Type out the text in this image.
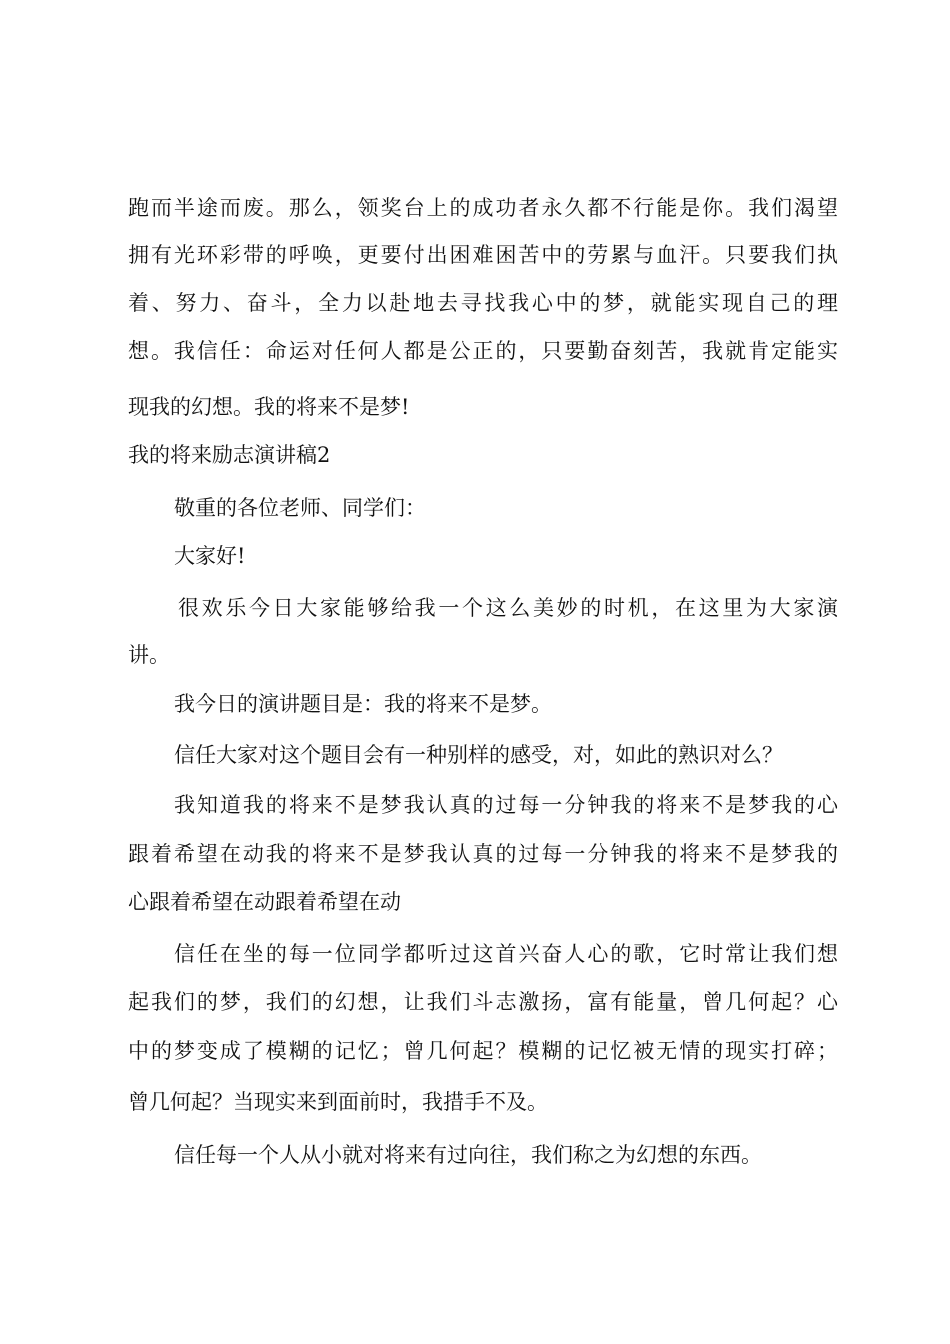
跑而半途而废。那么，领奖台上的成功者永久都不行能是你。我们渴望
拥有光环彩带的呼唤，更要付出困难困苦中的劳累与血汗。只要我们执
着、努力、奋斗，全力以赴地去寻找我心中的梦，就能实现自己的理
想。我信任：命运对任何人都是公正的，只要勤奋刻苦，我就肯定能实
现我的幻想。我的将来不是梦!
我的将来励志演讲稿2
敬重的各位老师、同学们：
大家好!
很欢乐今日大家能够给我一个这么美妙的时机，在这里为大家演
讲。
我今日的演讲题目是：我的将来不是梦。
信任大家对这个题目会有一种别样的感受，对，如此的熟识对么？
我知道我的将来不是梦我认真的过每一分钟我的将来不是梦我的心
跟着希望在动我的将来不是梦我认真的过每一分钟我的将来不是梦我的
心跟着希望在动跟着希望在动
信任在坐的每一位同学都听过这首兴奋人心的歌，它时常让我们想
起我们的梦，我们的幻想，让我们斗志激扬，富有能量，曾几何起？心
中的梦变成了模糊的记忆；曾几何起？模糊的记忆被无情的现实打碎；
曾几何起？当现实来到面前时，我措手不及。
信任每一个人从小就对将来有过向往，我们称之为幻想的东西。
